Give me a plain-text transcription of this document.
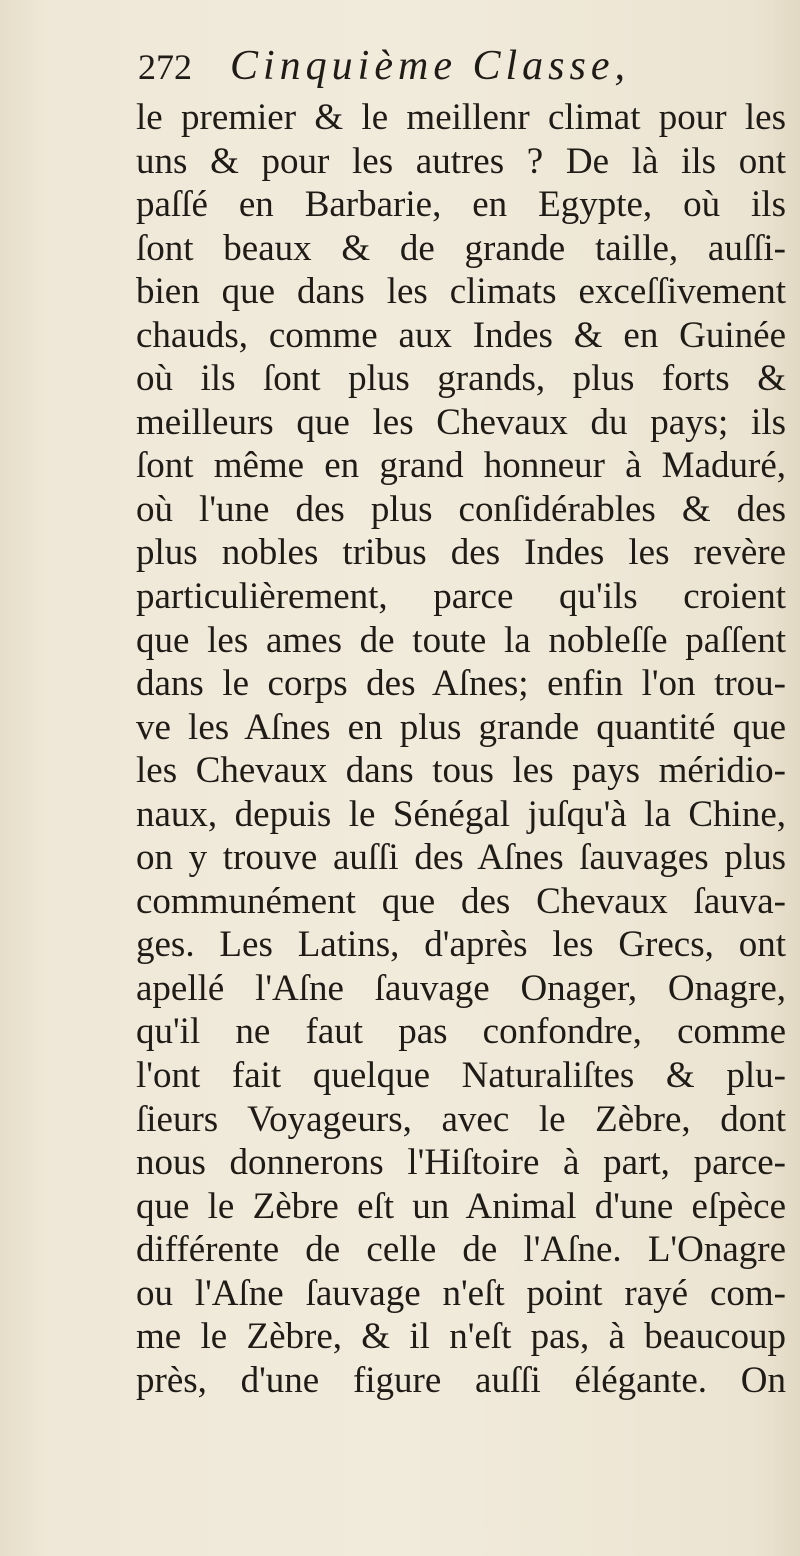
272 Cinquième Classe,
le premier & le meillenr climat pour les
uns & pour les autres ? De là ils ont
paſſé en Barbarie, en Egypte, où ils
ſont beaux & de grande taille, auſſi-
bien que dans les climats exceſſivement
chauds, comme aux Indes & en Guinée
où ils ſont plus grands, plus forts &
meilleurs que les Chevaux du pays; ils
ſont même en grand honneur à Maduré,
où l'une des plus conſidérables & des
plus nobles tribus des Indes les revère
particulièrement, parce qu'ils croient
que les ames de toute la nobleſſe paſſent
dans le corps des Aſnes; enfin l'on trou-
ve les Aſnes en plus grande quantité que
les Chevaux dans tous les pays méridio-
naux, depuis le Sénégal juſqu'à la Chine,
on y trouve auſſi des Aſnes ſauvages plus
communément que des Chevaux ſauva-
ges. Les Latins, d'après les Grecs, ont
apellé l'Aſne ſauvage Onager, Onagre,
qu'il ne faut pas confondre, comme
l'ont fait quelque Naturaliſtes & plu-
ſieurs Voyageurs, avec le Zèbre, dont
nous donnerons l'Hiſtoire à part, parce-
que le Zèbre eſt un Animal d'une eſpèce
différente de celle de l'Aſne. L'Onagre
ou l'Aſne ſauvage n'eſt point rayé com-
me le Zèbre, & il n'eſt pas, à beaucoup
près, d'une figure auſſi élégante. On
